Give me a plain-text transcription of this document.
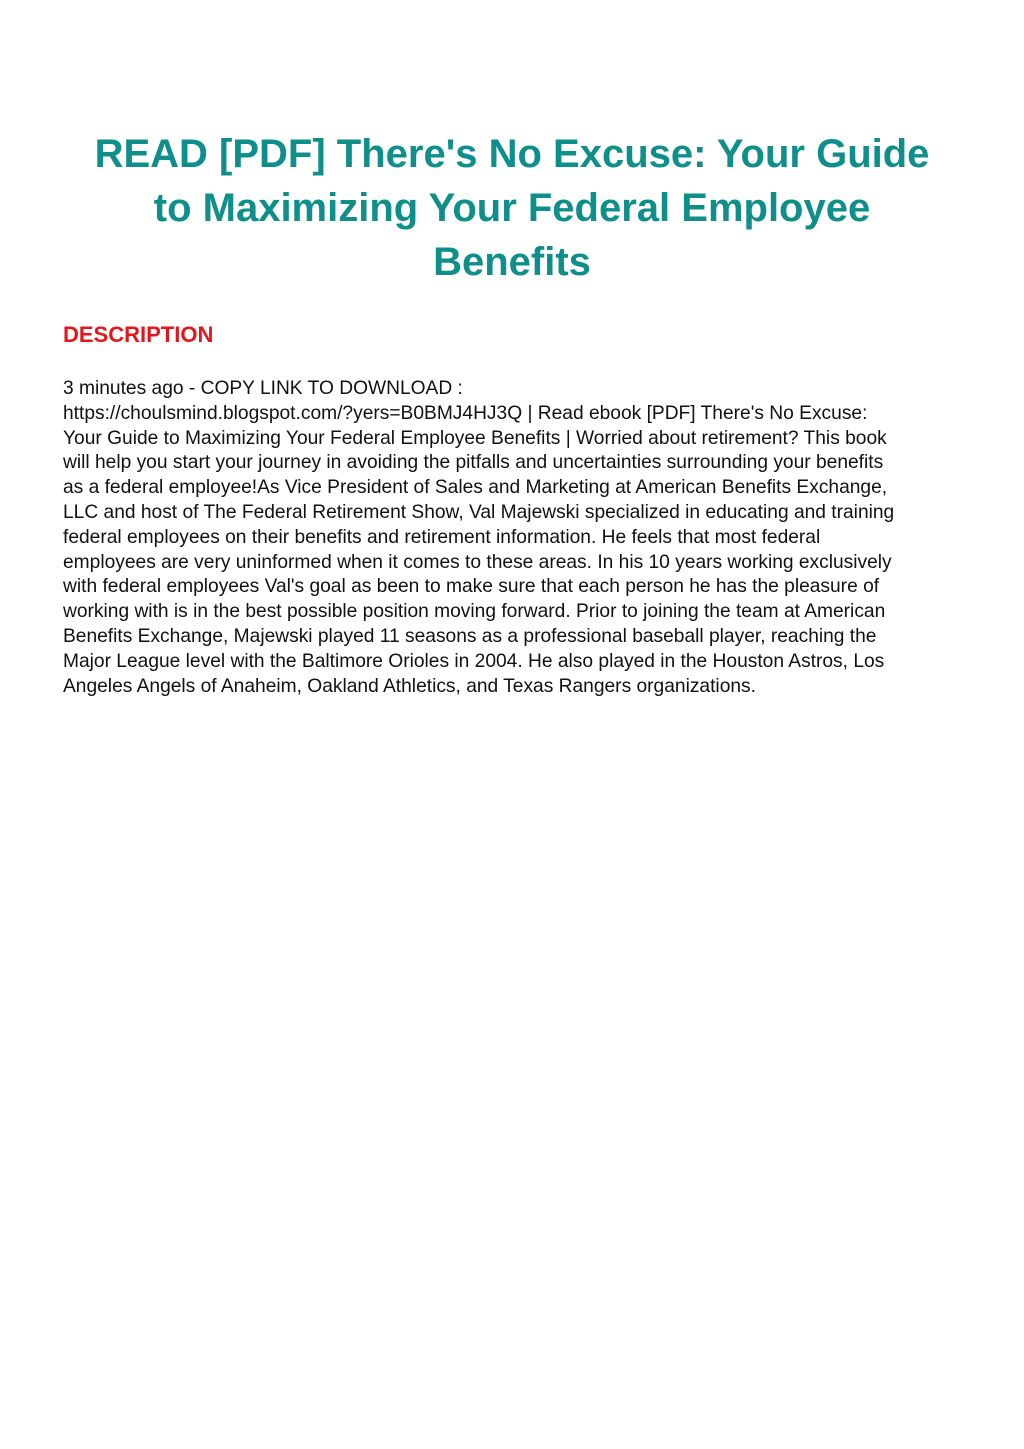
READ [PDF] There's No Excuse: Your Guide
to Maximizing Your Federal Employee
Benefits
DESCRIPTION
3 minutes ago - COPY LINK TO DOWNLOAD :
https://choulsmind.blogspot.com/?yers=B0BMJ4HJ3Q | Read ebook [PDF] There's No Excuse:
Your Guide to Maximizing Your Federal Employee Benefits | Worried about retirement? This book
will help you start your journey in avoiding the pitfalls and uncertainties surrounding your benefits
as a federal employee!As Vice President of Sales and Marketing at American Benefits Exchange,
LLC and host of The Federal Retirement Show, Val Majewski specialized in educating and training
federal employees on their benefits and retirement information. He feels that most federal
employees are very uninformed when it comes to these areas. In his 10 years working exclusively
with federal employees Val's goal as been to make sure that each person he has the pleasure of
working with is in the best possible position moving forward. Prior to joining the team at American
Benefits Exchange, Majewski played 11 seasons as a professional baseball player, reaching the
Major League level with the Baltimore Orioles in 2004. He also played in the Houston Astros, Los
Angeles Angels of Anaheim, Oakland Athletics, and Texas Rangers organizations.
